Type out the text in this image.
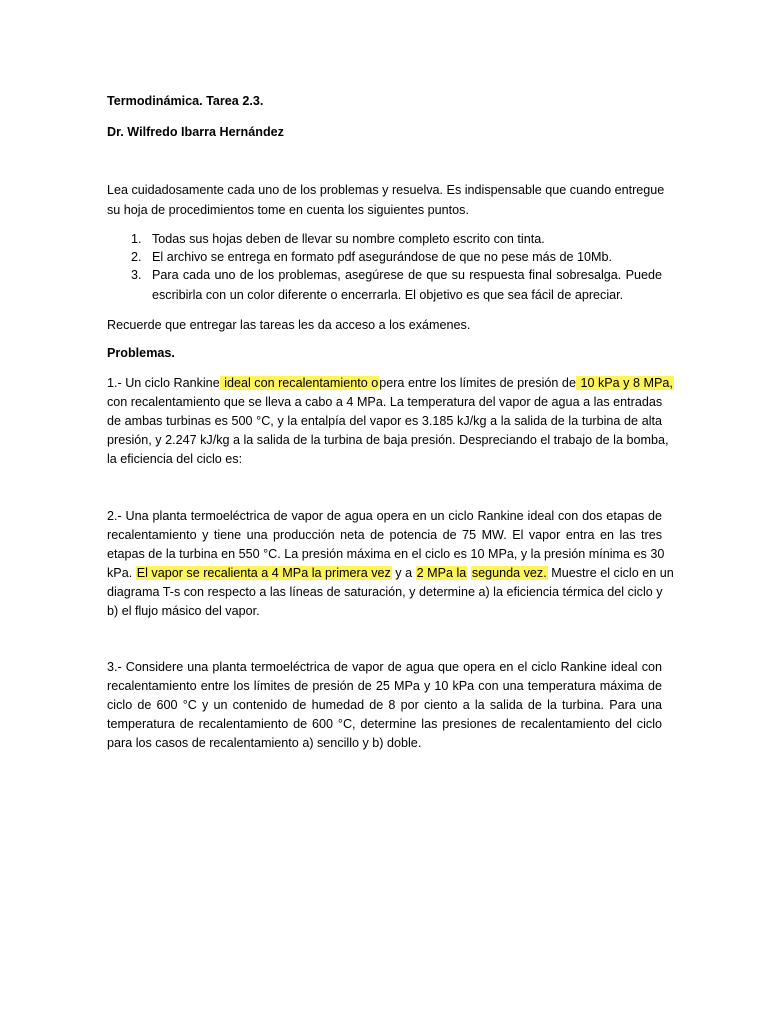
Termodinámica. Tarea 2.3.
Dr. Wilfredo Ibarra Hernández
Lea cuidadosamente cada uno de los problemas y resuelva. Es indispensable que cuando entregue
su hoja de procedimientos tome en cuenta los siguientes puntos.
1. Todas sus hojas deben de llevar su nombre completo escrito con tinta.
2. El archivo se entrega en formato pdf asegurándose de que no pese más de 10Mb.
3. Para cada uno de los problemas, asegúrese de que su respuesta final sobresalga. Puede
escribirla con un color diferente o encerrarla. El objetivo es que sea fácil de apreciar.
Recuerde que entregar las tareas les da acceso a los exámenes.
Problemas.
1.- Un ciclo Rankine ideal con recalentamiento opera entre los límites de presión de 10 kPa y 8 MPa,
con recalentamiento que se lleva a cabo a 4 MPa. La temperatura del vapor de agua a las entradas
de ambas turbinas es 500 °C, y la entalpía del vapor es 3.185 kJ/kg a la salida de la turbina de alta
presión, y 2.247 kJ/kg a la salida de la turbina de baja presión. Despreciando el trabajo de la bomba,
la eficiencia del ciclo es:
2.- Una planta termoeléctrica de vapor de agua opera en un ciclo Rankine ideal con dos etapas de
recalentamiento y tiene una producción neta de potencia de 75 MW. El vapor entra en las tres
etapas de la turbina en 550 °C. La presión máxima en el ciclo es 10 MPa, y la presión mínima es 30
kPa. El vapor se recalienta a 4 MPa la primera vez y a 2 MPa la segunda vez. Muestre el ciclo en un
diagrama T-s con respecto a las líneas de saturación, y determine a) la eficiencia térmica del ciclo y
b) el flujo másico del vapor.
3.- Considere una planta termoeléctrica de vapor de agua que opera en el ciclo Rankine ideal con
recalentamiento entre los límites de presión de 25 MPa y 10 kPa con una temperatura máxima de
ciclo de 600 °C y un contenido de humedad de 8 por ciento a la salida de la turbina. Para una
temperatura de recalentamiento de 600 °C, determine las presiones de recalentamiento del ciclo
para los casos de recalentamiento a) sencillo y b) doble.
